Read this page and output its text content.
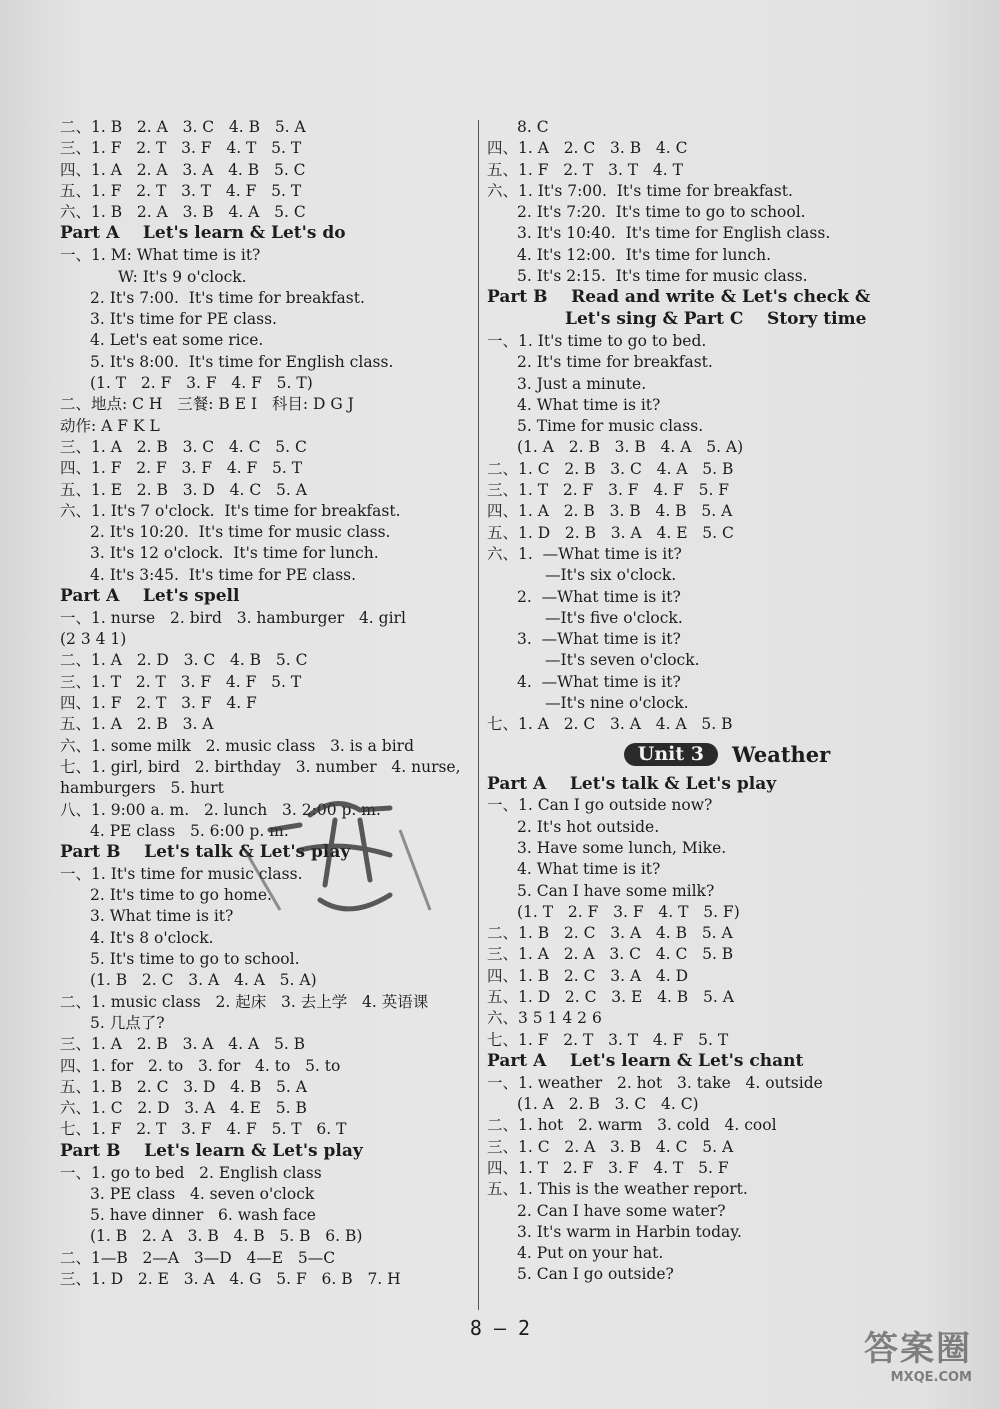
二、1. B   2. A   3. C   4. B   5. A
三、1. F   2. T   3. F   4. T   5. T
四、1. A   2. A   3. A   4. B   5. C
五、1. F   2. T   3. T   4. F   5. T
六、1. B   2. A   3. B   4. A   5. C
Part A    Let's learn & Let's do
一、1. M: What time is it?
W: It's 9 o'clock.
2. It's 7:00.  It's time for breakfast.
3. It's time for PE class.
4. Let's eat some rice.
5. It's 8:00.  It's time for English class.
(1. T   2. F   3. F   4. F   5. T)
二、地点: C H   三餐: B E I   科目: D G J
动作: A F K L
三、1. A   2. B   3. C   4. C   5. C
四、1. F   2. F   3. F   4. F   5. T
五、1. E   2. B   3. D   4. C   5. A
六、1. It's 7 o'clock.  It's time for breakfast.
2. It's 10:20.  It's time for music class.
3. It's 12 o'clock.  It's time for lunch.
4. It's 3:45.  It's time for PE class.
Part A    Let's spell
一、1. nurse   2. bird   3. hamburger   4. girl
(2 3 4 1)
二、1. A   2. D   3. C   4. B   5. C
三、1. T   2. T   3. F   4. F   5. T
四、1. F   2. T   3. F   4. F
五、1. A   2. B   3. A
六、1. some milk   2. music class   3. is a bird
七、1. girl, bird   2. birthday   3. number   4. nurse,
hamburgers   5. hurt
八、1. 9:00 a. m.   2. lunch   3. 2:00 p. m.
4. PE class   5. 6:00 p. m.
Part B    Let's talk & Let's play
一、1. It's time for music class.
2. It's time to go home.
3. What time is it?
4. It's 8 o'clock.
5. It's time to go to school.
(1. B   2. C   3. A   4. A   5. A)
二、1. music class   2. 起床   3. 去上学   4. 英语课
5. 几点了?
三、1. A   2. B   3. A   4. A   5. B
四、1. for   2. to   3. for   4. to   5. to
五、1. B   2. C   3. D   4. B   5. A
六、1. C   2. D   3. A   4. E   5. B
七、1. F   2. T   3. F   4. F   5. T   6. T
Part B    Let's learn & Let's play
一、1. go to bed   2. English class
3. PE class   4. seven o'clock
5. have dinner   6. wash face
(1. B   2. A   3. B   4. B   5. B   6. B)
二、1—B   2—A   3—D   4—E   5—C
三、1. D   2. E   3. A   4. G   5. F   6. B   7. H
8. C
四、1. A   2. C   3. B   4. C
五、1. F   2. T   3. T   4. T
六、1. It's 7:00.  It's time for breakfast.
2. It's 7:20.  It's time to go to school.
3. It's 10:40.  It's time for English class.
4. It's 12:00.  It's time for lunch.
5. It's 2:15.  It's time for music class.
Part B    Read and write & Let's check &
Let's sing & Part C    Story time
一、1. It's time to go to bed.
2. It's time for breakfast.
3. Just a minute.
4. What time is it?
5. Time for music class.
(1. A   2. B   3. B   4. A   5. A)
二、1. C   2. B   3. C   4. A   5. B
三、1. T   2. F   3. F   4. F   5. F
四、1. A   2. B   3. B   4. B   5. A
五、1. D   2. B   3. A   4. E   5. C
六、1.  —What time is it?
—It's six o'clock.
2.  —What time is it?
—It's five o'clock.
3.  —What time is it?
—It's seven o'clock.
4.  —What time is it?
—It's nine o'clock.
七、1. A   2. C   3. A   4. A   5. B
Unit 3	Weather
Part A    Let's talk & Let's play
一、1. Can I go outside now?
2. It's hot outside.
3. Have some lunch, Mike.
4. What time is it?
5. Can I have some milk?
(1. T   2. F   3. F   4. T   5. F)
二、1. B   2. C   3. A   4. B   5. A
三、1. A   2. A   3. C   4. C   5. B
四、1. B   2. C   3. A   4. D
五、1. D   2. C   3. E   4. B   5. A
六、3 5 1 4 2 6
七、1. F   2. T   3. T   4. F   5. T
Part A    Let's learn & Let's chant
一、1. weather   2. hot   3. take   4. outside
(1. A   2. B   3. C   4. C)
二、1. hot   2. warm   3. cold   4. cool
三、1. C   2. A   3. B   4. C   5. A
四、1. T   2. F   3. F   4. T   5. F
五、1. This is the weather report.
2. Can I have some water?
3. It's warm in Harbin today.
4. Put on your hat.
5. Can I go outside?
8 — 2
答案圈
MXQE.COM
